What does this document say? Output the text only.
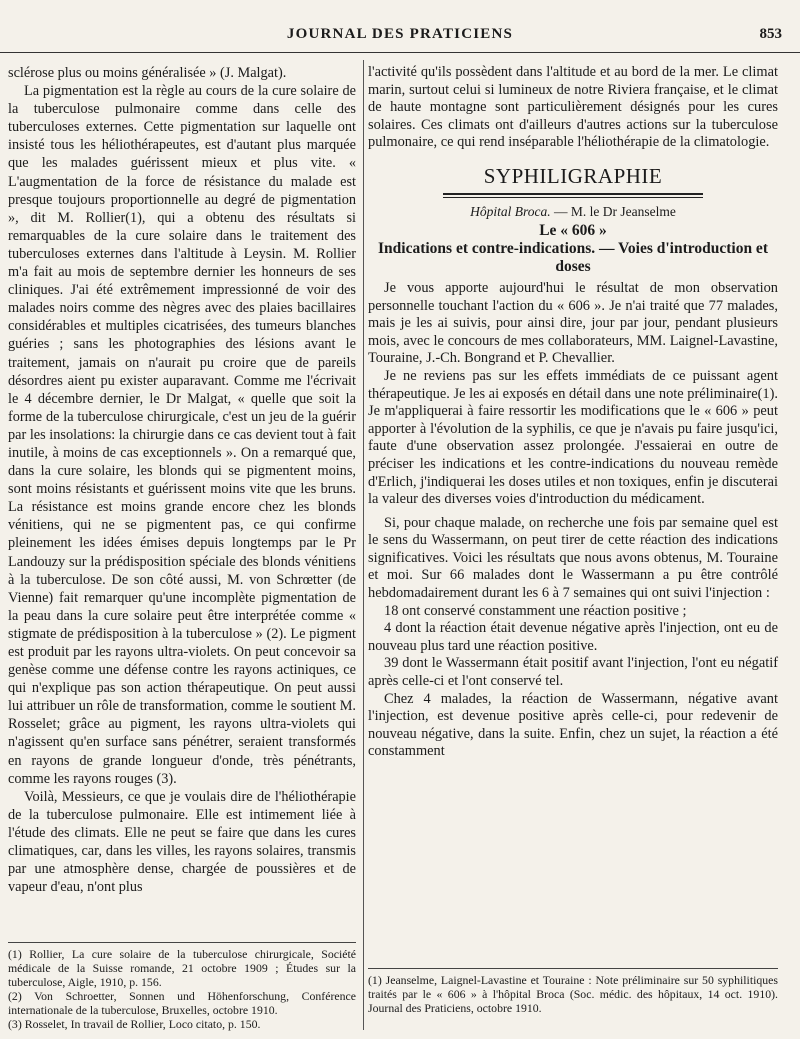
JOURNAL DES PRATICIENS	853

sclérose plus ou moins généralisée » (J. Malgat).

La pigmentation est la règle au cours de la cure solaire de la tuberculose pulmonaire comme dans celle des tuberculoses externes. Cette pigmentation sur laquelle ont insisté tous les héliothérapeutes, est d'autant plus marquée que les malades guérissent mieux et plus vite. « L'augmentation de la force de résistance du malade est presque toujours proportionnelle au degré de pigmentation », dit M. Rollier(1), qui a obtenu des résultats si remarquables de la cure solaire dans le traitement des tuberculoses externes dans l'altitude à Leysin. M. Rollier m'a fait au mois de septembre dernier les honneurs de ses cliniques. J'ai été extrêmement impressionné de voir des malades noirs comme des nègres avec des plaies bacillaires considérables et multiples cicatrisées, des tumeurs blanches guéries ; sans les photographies des lésions avant le traitement, jamais on n'aurait pu croire que de pareils désordres aient pu exister auparavant. Comme me l'écrivait le 4 décembre dernier, le Dr Malgat, « quelle que soit la forme de la tuberculose chirurgicale, c'est un jeu de la guérir par les insolations: la chirurgie dans ce cas devient tout à fait inutile, à moins de cas exceptionnels ». On a remarqué que, dans la cure solaire, les blonds qui se pigmentent moins, sont moins résistants et guérissent moins vite que les bruns. La résistance est moins grande encore chez les blonds vénitiens, qui ne se pigmentent pas, ce qui confirme pleinement les idées émises depuis longtemps par le Pr Landouzy sur la prédisposition spéciale des blonds vénitiens à la tuberculose. De son côté aussi, M. von Schrœtter (de Vienne) fait remarquer qu'une incomplète pigmentation de la peau dans la cure solaire peut être interprétée comme « stigmate de prédisposition à la tuberculose » (2). Le pigment est produit par les rayons ultra-violets. On peut concevoir sa genèse comme une défense contre les rayons actiniques, ce qui n'explique pas son action thérapeutique. On peut aussi lui attribuer un rôle de transformation, comme le soutient M. Rosselet; grâce au pigment, les rayons ultra-violets qui n'agissent qu'en surface sans pénétrer, seraient transformés en rayons de grande longueur d'onde, très pénétrants, comme les rayons rouges (3).

Voilà, Messieurs, ce que je voulais dire de l'héliothérapie de la tuberculose pulmonaire. Elle est intimement liée à l'étude des climats. Elle ne peut se faire que dans les cures climatiques, car, dans les villes, les rayons solaires, transmis par une atmosphère dense, chargée de poussières et de vapeur d'eau, n'ont plus

(1) Rollier, La cure solaire de la tuberculose chirurgicale, Société médicale de la Suisse romande, 21 octobre 1909 ; Études sur la tuberculose, Aigle, 1910, p. 156.

(2) Von Schroetter, Sonnen und Höhenforschung, Conférence internationale de la tuberculose, Bruxelles, octobre 1910.

(3) Rosselet, In travail de Rollier, Loco citato, p. 150.

l'activité qu'ils possèdent dans l'altitude et au bord de la mer. Le climat marin, surtout celui si lumineux de notre Riviera française, et le climat de haute montagne sont particulièrement désignés pour les cures solaires. Ces climats ont d'ailleurs d'autres actions sur la tuberculose pulmonaire, ce qui rend inséparable l'héliothérapie de la climatologie.

SYPHILIGRAPHIE
Hôpital Broca. — M. le Dr Jeanselme
Le « 606 »
Indications et contre-indications. — Voies d'introduction et doses

Je vous apporte aujourd'hui le résultat de mon observation personnelle touchant l'action du « 606 ». Je n'ai traité que 77 malades, mais je les ai suivis, pour ainsi dire, jour par jour, pendant plusieurs mois, avec le concours de mes collaborateurs, MM. Laignel-Lavastine, Touraine, J.-Ch. Bongrand et P. Chevallier.

Je ne reviens pas sur les effets immédiats de ce puissant agent thérapeutique. Je les ai exposés en détail dans une note préliminaire(1). Je m'appliquerai à faire ressortir les modifications que le « 606 » peut apporter à l'évolution de la syphilis, ce que je n'avais pu faire jusqu'ici, faute d'une observation assez prolongée. J'essaierai en outre de préciser les indications et les contre-indications du nouveau remède d'Erlich, j'indiquerai les doses utiles et non toxiques, enfin je discuterai la valeur des diverses voies d'introduction du médicament.

Si, pour chaque malade, on recherche une fois par semaine quel est le sens du Wassermann, on peut tirer de cette réaction des indications significatives. Voici les résultats que nous avons obtenus, M. Touraine et moi. Sur 66 malades dont le Wassermann a pu être contrôlé hebdomadairement durant les 6 à 7 semaines qui ont suivi l'injection :

18 ont conservé constamment une réaction positive ;

4 dont la réaction était devenue négative après l'injection, ont eu de nouveau plus tard une réaction positive.

39 dont le Wassermann était positif avant l'injection, l'ont eu négatif après celle-ci et l'ont conservé tel.

Chez 4 malades, la réaction de Wassermann, négative avant l'injection, est devenue positive après celle-ci, pour redevenir de nouveau négative, dans la suite. Enfin, chez un sujet, la réaction a été constamment

(1) Jeanselme, Laignel-Lavastine et Touraine : Note préliminaire sur 50 syphilitiques traités par le « 606 » à l'hôpital Broca (Soc. médic. des hôpitaux, 14 oct. 1910). Journal des Praticiens, octobre 1910.
